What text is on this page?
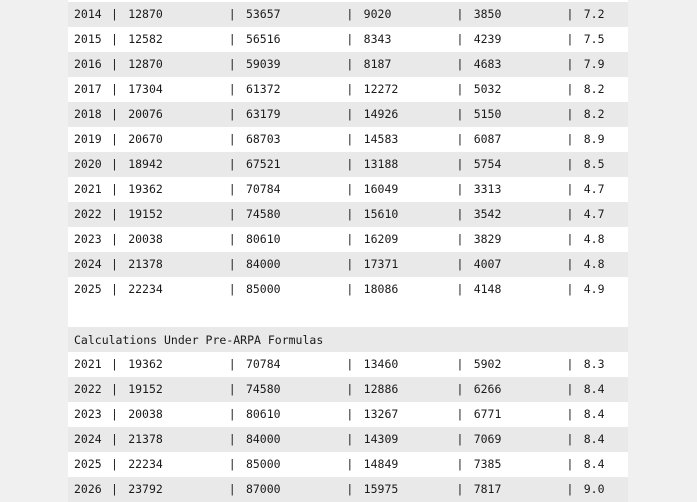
2014 | 12870	| 53657	| 9020	| 3850	| 7.2
2015 | 12582	| 56516	| 8343	| 4239	| 7.5
2016 | 12870	| 59039	| 8187	| 4683	| 7.9
2017 | 17304	| 61372	| 12272	| 5032	| 8.2
2018 | 20076	| 63179	| 14926	| 5150	| 8.2
2019 | 20670	| 68703	| 14583	| 6087	| 8.9
2020 | 18942	| 67521	| 13188	| 5754	| 8.5
2021 | 19362	| 70784	| 16049	| 3313	| 4.7
2022 | 19152	| 74580	| 15610	| 3542	| 4.7
2023 | 20038	| 80610	| 16209	| 3829	| 4.8
2024 | 21378	| 84000	| 17371	| 4007	| 4.8
2025 | 22234	| 85000	| 18086	| 4148	| 4.9
Calculations Under Pre-ARPA Formulas
2021 | 19362	| 70784	| 13460	| 5902	| 8.3
2022 | 19152	| 74580	| 12886	| 6266	| 8.4
2023 | 20038	| 80610	| 13267	| 6771	| 8.4
2024 | 21378	| 84000	| 14309	| 7069	| 8.4
2025 | 22234	| 85000	| 14849	| 7385	| 8.4
2026 | 23792	| 87000	| 15975	| 7817	| 9.0
